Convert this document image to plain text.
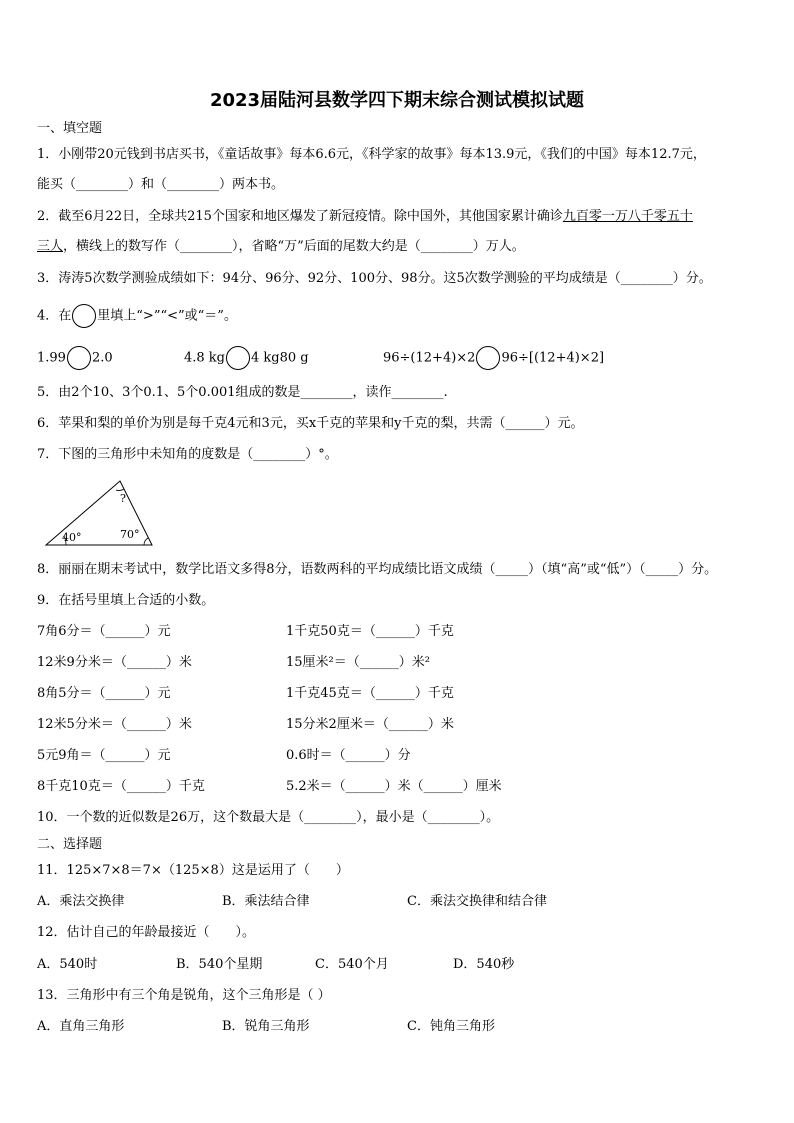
2023届陆河县数学四下期末综合测试模拟试题
一、填空题
1．小刚带20元钱到书店买书，《童话故事》每本6.6元，《科学家的故事》每本13.9元，《我们的中国》每本12.7元，
能买（________）和（________）两本书。
2．截至6月22日，全球共215个国家和地区爆发了新冠疫情。除中国外，其他国家累计确诊九百零一万八千零五十
三人，横线上的数写作（________），省略“万”后面的尾数大约是（________）万人。
3．涛涛5次数学测验成绩如下：94分、96分、92分、100分、98分。这5次数学测验的平均成绩是（________）分。
4．在 里填上“>”“<”或“＝”。
1.99 2.0	4.8 kg 4 kg80 g	96÷(12+4)×2 96÷[(12+4)×2]
5．由2个10、3个0.1、5个0.001组成的数是________，读作________.
6．苹果和梨的单价为别是每千克4元和3元，买x千克的苹果和y千克的梨，共需（______）元。
7．下图的三角形中未知角的度数是（________）°。
?
40°	70°
8．丽丽在期末考试中，数学比语文多得8分，语数两科的平均成绩比语文成绩（_____）（填“高”或“低”）（_____）分。
9．在括号里填上合适的小数。
7角6分＝（______）元	1千克50克＝（______）千克
12米9分米＝（______）米	15厘米²＝（______）米²
8角5分＝（______）元	1千克45克＝（______）千克
12米5分米＝（______）米	15分米2厘米＝（______）米
5元9角＝（______）元	0.6时＝（______）分
8千克10克＝（______）千克	5.2米＝（______）米（______）厘米
10．一个数的近似数是26万，这个数最大是（________），最小是（________）。
二、选择题
11．125×7×8＝7×（125×8）这是运用了（　　）
A．乘法交换律	B．乘法结合律	C．乘法交换律和结合律
12．估计自己的年龄最接近（　　）。
A．540时	B．540个星期	C．540个月	D．540秒
13．三角形中有三个角是锐角，这个三角形是（ ）
A．直角三角形	B．锐角三角形	C．钝角三角形
